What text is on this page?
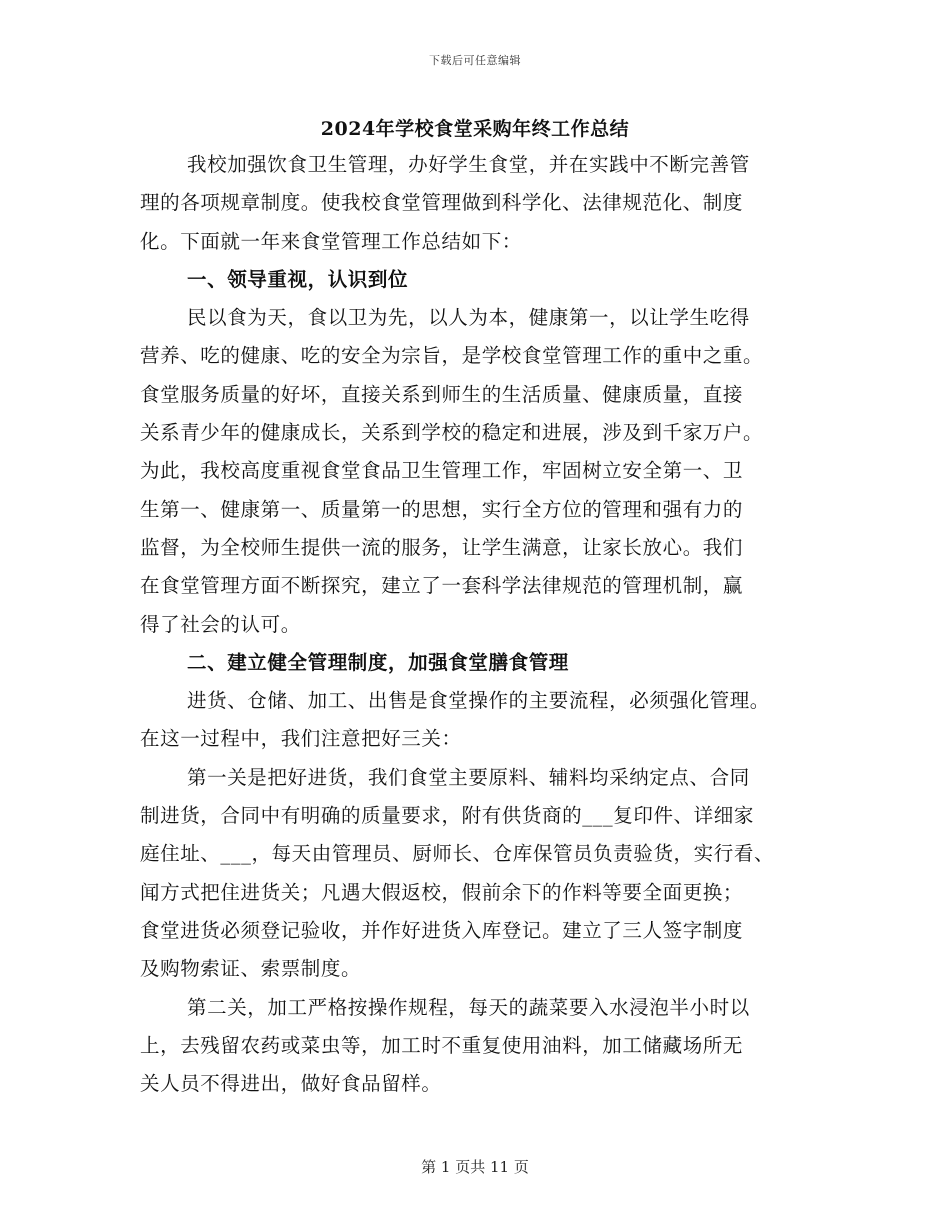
下载后可任意编辑
2024年学校食堂采购年终工作总结
我校加强饮食卫生管理，办好学生食堂，并在实践中不断完善管
理的各项规章制度。使我校食堂管理做到科学化、法律规范化、制度
化。下面就一年来食堂管理工作总结如下：
一、领导重视，认识到位
民以食为天，食以卫为先，以人为本，健康第一，以让学生吃得
营养、吃的健康、吃的安全为宗旨，是学校食堂管理工作的重中之重。
食堂服务质量的好坏，直接关系到师生的生活质量、健康质量，直接
关系青少年的健康成长，关系到学校的稳定和进展，涉及到千家万户。
为此，我校高度重视食堂食品卫生管理工作，牢固树立安全第一、卫
生第一、健康第一、质量第一的思想，实行全方位的管理和强有力的
监督，为全校师生提供一流的服务，让学生满意，让家长放心。我们
在食堂管理方面不断探究，建立了一套科学法律规范的管理机制，赢
得了社会的认可。
二、建立健全管理制度，加强食堂膳食管理
进货、仓储、加工、出售是食堂操作的主要流程，必须强化管理。
在这一过程中，我们注意把好三关：
第一关是把好进货，我们食堂主要原料、辅料均采纳定点、合同
制进货，合同中有明确的质量要求，附有供货商的___复印件、详细家
庭住址、___，每天由管理员、厨师长、仓库保管员负责验货，实行看、
闻方式把住进货关；凡遇大假返校，假前余下的作料等要全面更换；
食堂进货必须登记验收，并作好进货入库登记。建立了三人签字制度
及购物索证、索票制度。
第二关，加工严格按操作规程，每天的蔬菜要入水浸泡半小时以
上，去残留农药或菜虫等，加工时不重复使用油料，加工储藏场所无
关人员不得进出，做好食品留样。
第 1 页共 11 页
